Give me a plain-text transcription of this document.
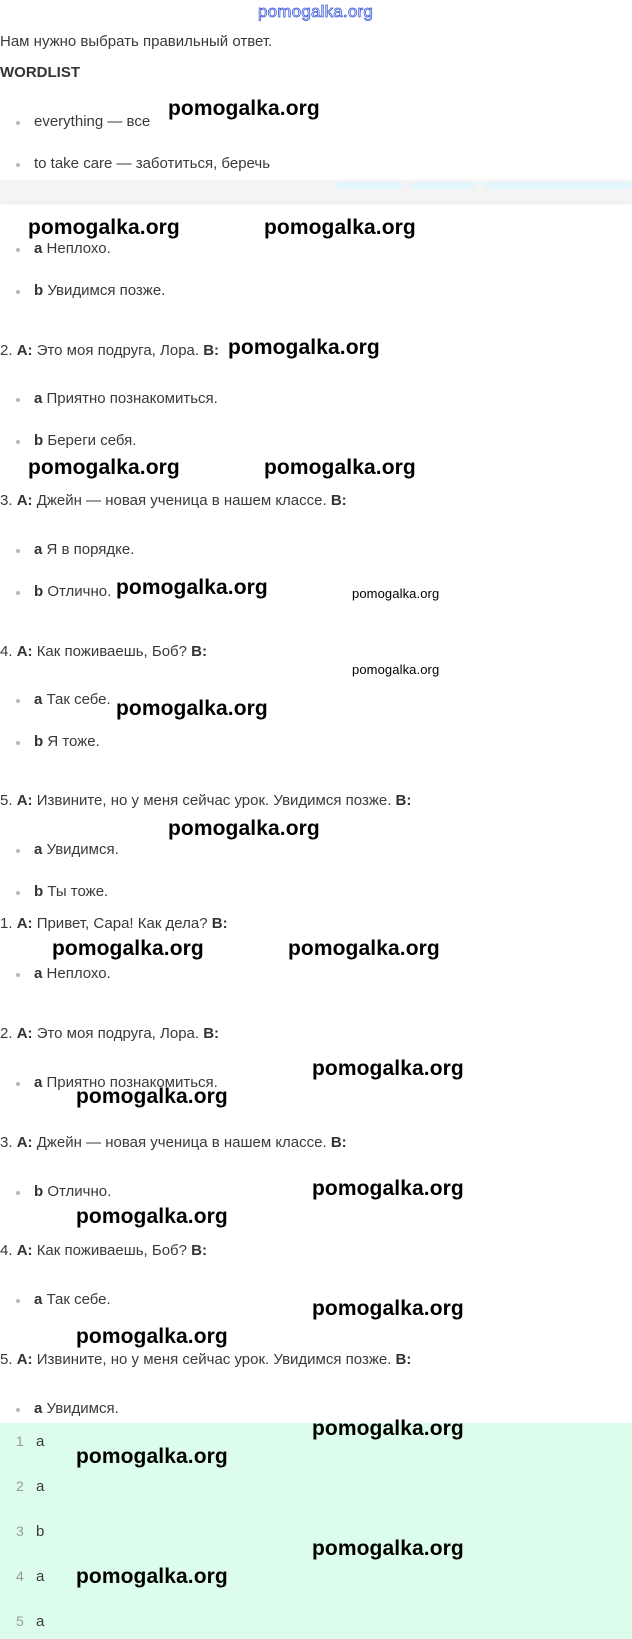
pomogalka.org
Нам нужно выбрать правильный ответ.
WORDLIST
everything — все
to take care — заботиться, беречь
a Неплохо.
b Увидимся позже.
2. A: Это моя подруга, Лора. B:
a Приятно познакомиться.
b Береги себя.
3. A: Джейн — новая ученица в нашем классе. B:
a Я в порядке.
b Отлично.
4. A: Как поживаешь, Боб? B:
a Так себе.
b Я тоже.
5. A: Извините, но у меня сейчас урок. Увидимся позже. B:
a Увидимся.
b Ты тоже.
1. A: Привет, Сара! Как дела? B:
a Неплохо.
2. A: Это моя подруга, Лора. B:
a Приятно познакомиться.
3. A: Джейн — новая ученица в нашем классе. B:
b Отлично.
4. A: Как поживаешь, Боб? B:
a Так себе.
5. A: Извините, но у меня сейчас урок. Увидимся позже. B:
a Увидимся.
1 a
2 a
3 b
4 a
5 a
pomogalka.org
pomogalka.org	pomogalka.org
pomogalka.org
pomogalka.org	pomogalka.org
pomogalka.org	pomogalka.org
pomogalka.org
pomogalka.org
pomogalka.org
pomogalka.org	pomogalka.org
pomogalka.org
pomogalka.org
pomogalka.org
pomogalka.org
pomogalka.org
pomogalka.org
pomogalka.org
pomogalka.org
pomogalka.org
pomogalka.org
